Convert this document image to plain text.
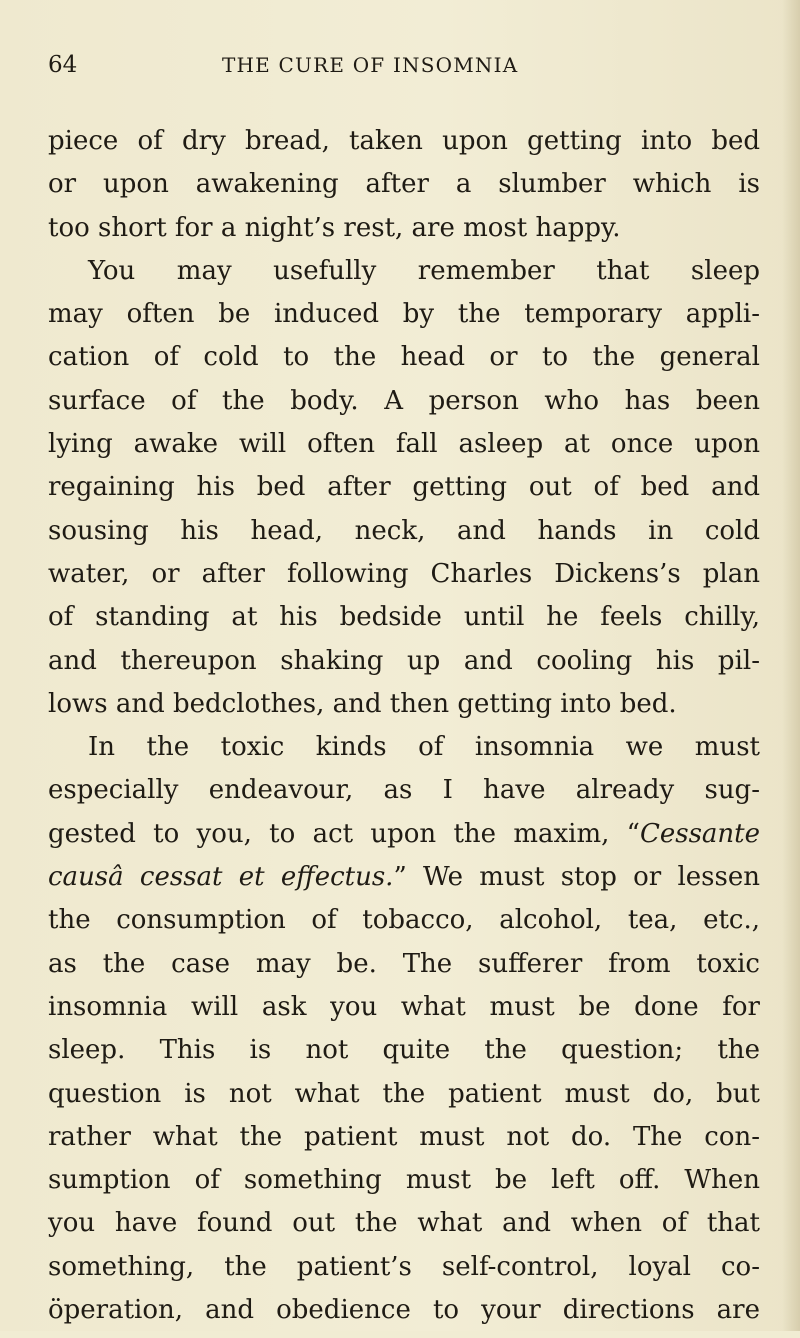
64	THE CURE OF INSOMNIA
piece of dry bread, taken upon getting into bed
or upon awakening after a slumber which is
too short for a night’s rest, are most happy.
You may usefully remember that sleep
may often be induced by the temporary appli-
cation of cold to the head or to the general
surface of the body. A person who has been
lying awake will often fall asleep at once upon
regaining his bed after getting out of bed and
sousing his head, neck, and hands in cold
water, or after following Charles Dickens’s plan
of standing at his bedside until he feels chilly,
and thereupon shaking up and cooling his pil-
lows and bedclothes, and then getting into bed.
In the toxic kinds of insomnia we must
especially endeavour, as I have already sug-
gested to you, to act upon the maxim, “Cessante
causâ cessat et effectus.” We must stop or lessen
the consumption of tobacco, alcohol, tea, etc.,
as the case may be. The sufferer from toxic
insomnia will ask you what must be done for
sleep. This is not quite the question; the
question is not what the patient must do, but
rather what the patient must not do. The con-
sumption of something must be left off. When
you have found out the what and when of that
something, the patient’s self-control, loyal co-
öperation, and obedience to your directions are
